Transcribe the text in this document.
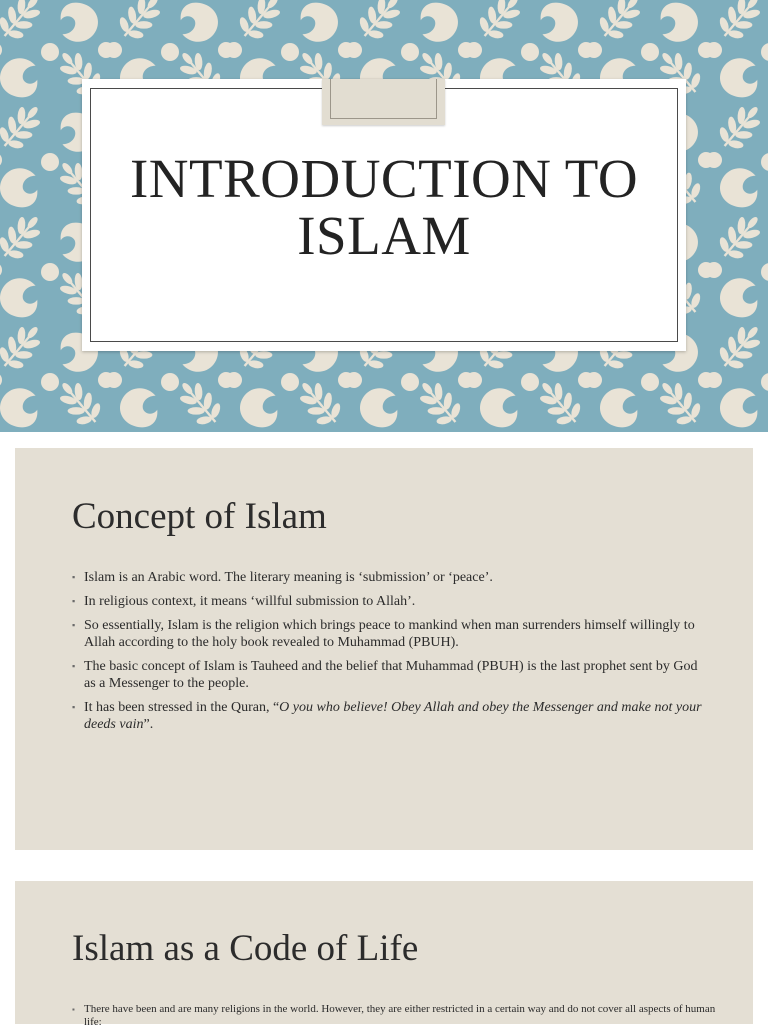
INTRODUCTION TO
ISLAM
Concept of Islam
▪ Islam is an Arabic word. The literary meaning is ‘submission’ or ‘peace’.
▪ In religious context, it means ‘willful submission to Allah’.
▪ So essentially, Islam is the religion which brings peace to mankind when man surrenders himself willingly to Allah according to the holy book revealed to Muhammad (PBUH).
▪ The basic concept of Islam is Tauheed and the belief that Muhammad (PBUH) is the last prophet sent by God as a Messenger to the people.
▪ It has been stressed in the Quran, “O you who believe! Obey Allah and obey the Messenger and make not your deeds vain”.
Islam as a Code of Life
▪ There have been and are many religions in the world. However, they are either restricted in a certain way and do not cover all aspects of human life:
